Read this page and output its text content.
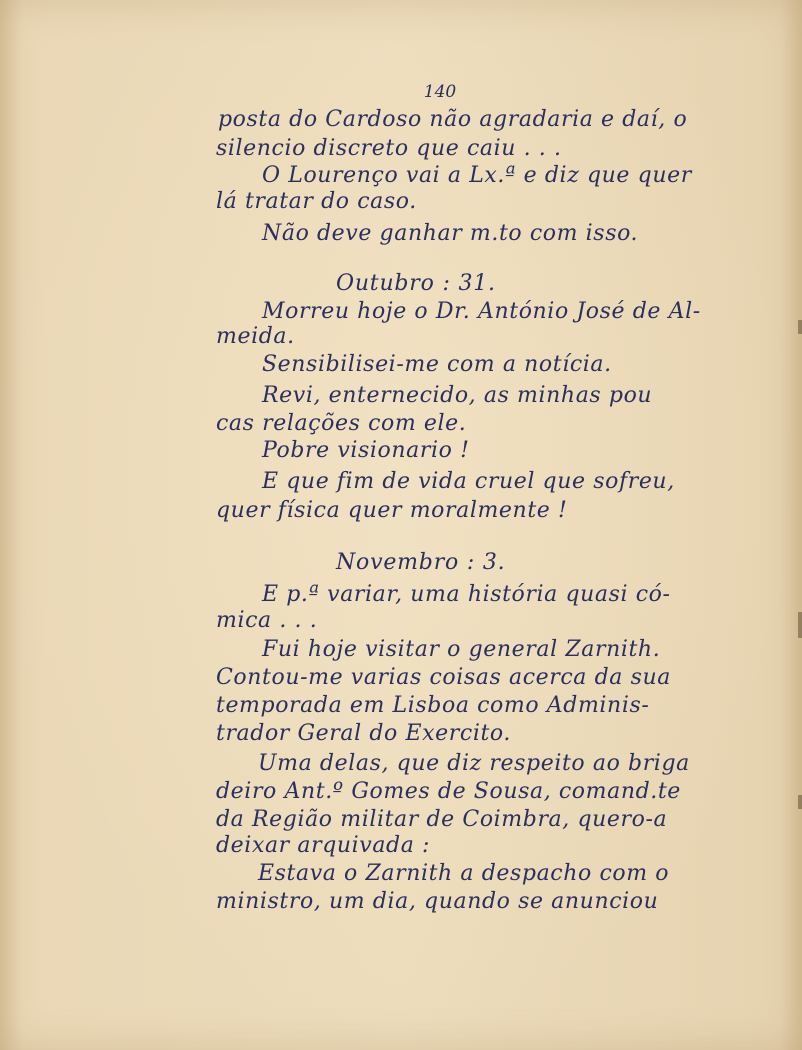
140
posta do Cardoso não agradaria e daí, o
silencio discreto que caiu . . .
O Lourenço vai a Lx.ª e diz que quer
lá tratar do caso.
Não deve ganhar m.to com isso.
Outubro : 31.
Morreu hoje o Dr. António José de Al-
meida.
Sensibilisei-me com a notícia.
Revi, enternecido, as minhas pou
cas relações com ele.
Pobre visionario !
E que fim de vida cruel que sofreu,
quer física quer moralmente !
Novembro : 3.
E p.ª variar, uma história quasi có-
mica . . .
Fui hoje visitar o general Zarnith.
Contou-me varias coisas acerca da sua
temporada em Lisboa como Adminis-
trador Geral do Exercito.
Uma delas, que diz respeito ao briga
deiro Ant.º Gomes de Sousa, comand.te
da Região militar de Coimbra, quero-a
deixar arquivada :
Estava o Zarnith a despacho com o
ministro, um dia, quando se anunciou
